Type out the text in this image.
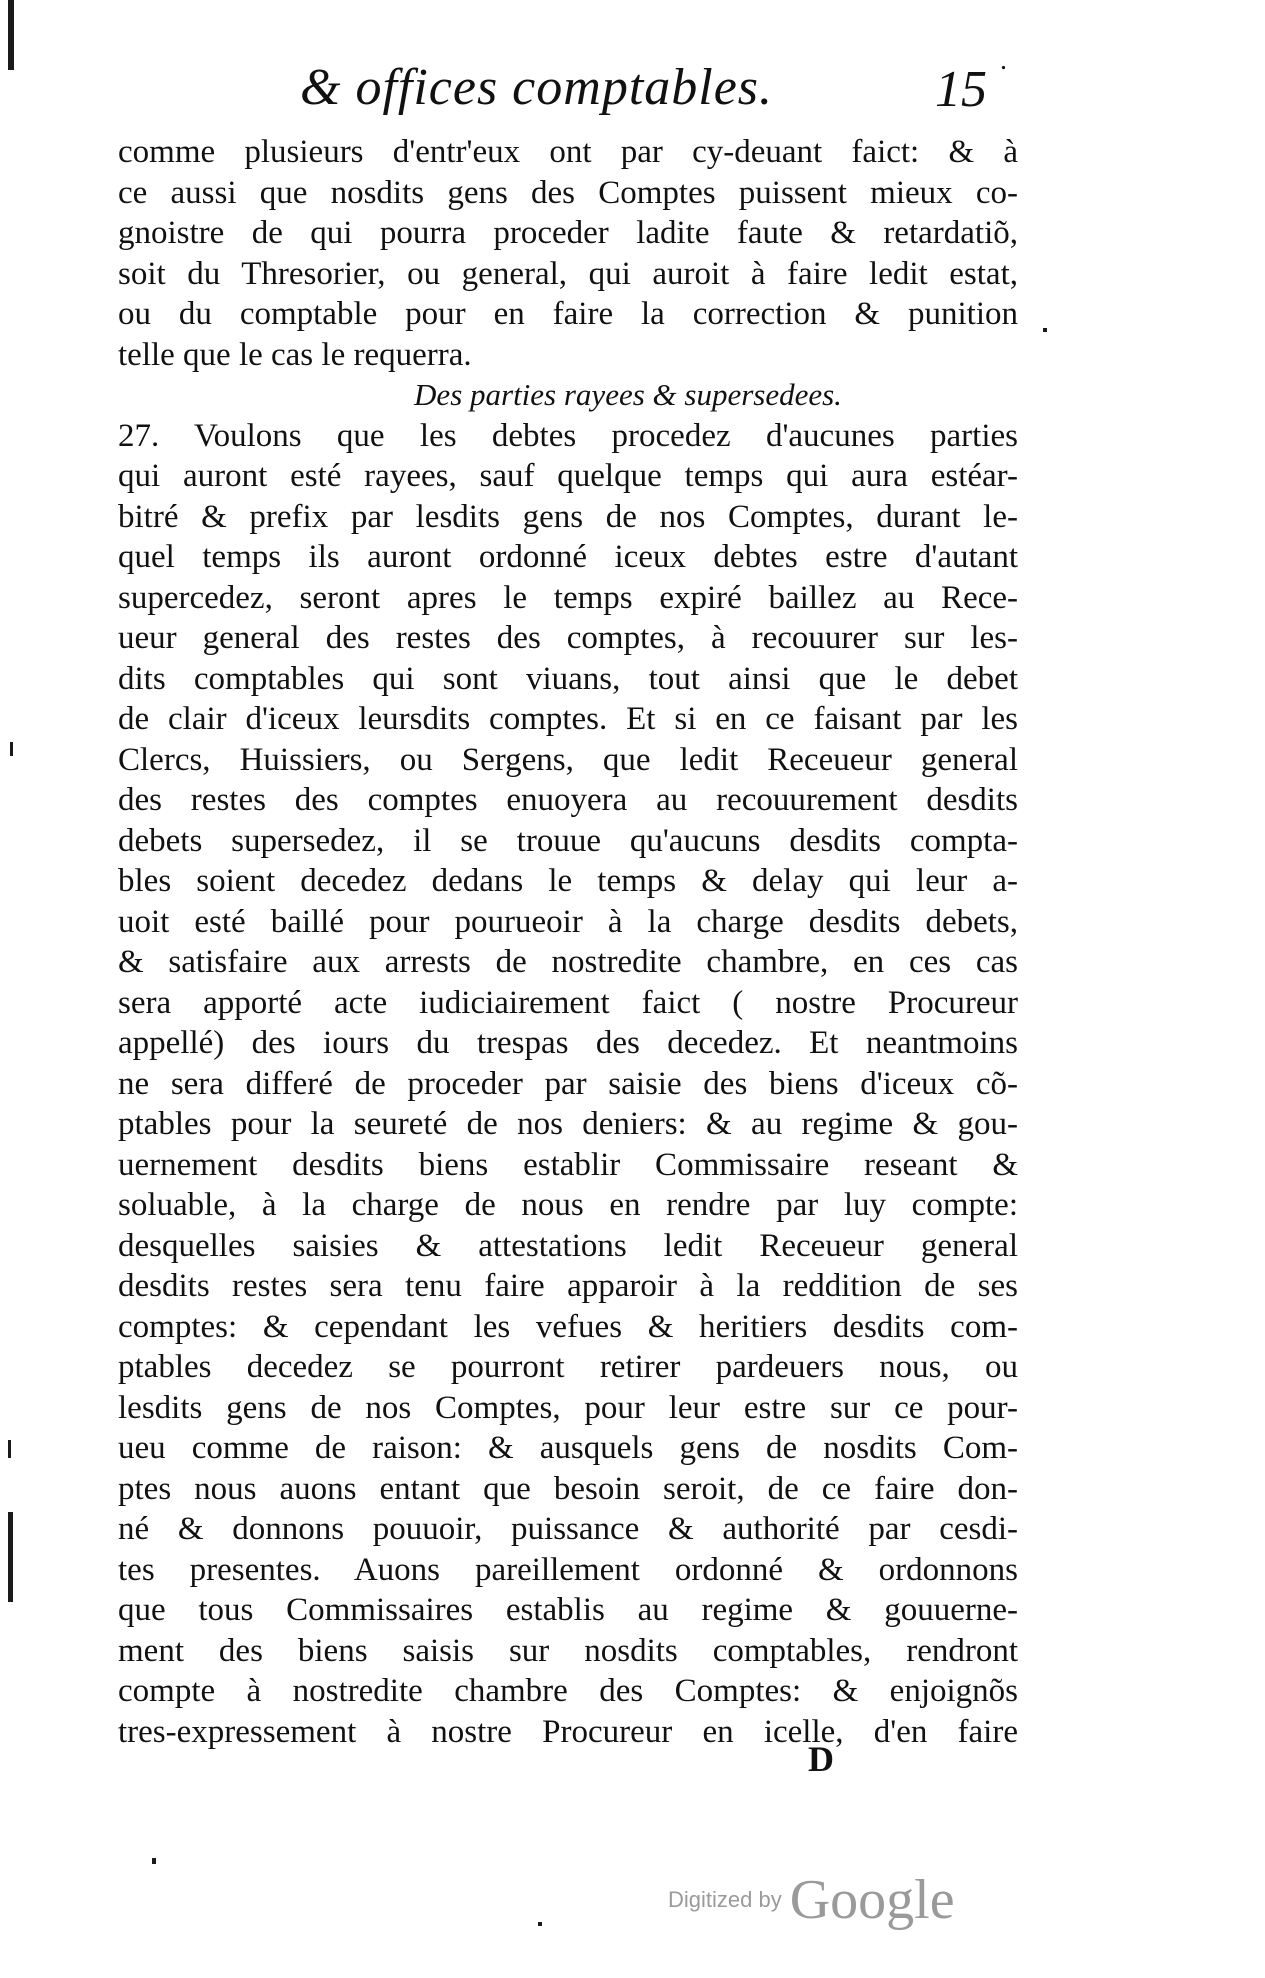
& offices comptables.	15
.
comme plusieurs d'entr'eux ont par cy-deuant faict: & à
ce aussi que nosdits gens des Comptes puissent mieux co-
gnoistre de qui pourra proceder ladite faute & retardatiõ,
soit du Thresorier, ou general, qui auroit à faire ledit estat,
ou du comptable pour en faire la correction & punition
telle que le cas le requerra.
Des parties rayees & supersedees.
27. Voulons que les debtes procedez d'aucunes parties
qui auront esté rayees, sauf quelque temps qui aura estéar-
bitré & prefix par lesdits gens de nos Comptes, durant le-
quel temps ils auront ordonné iceux debtes estre d'autant
supercedez, seront apres le temps expiré baillez au Rece-
ueur general des restes des comptes, à recouurer sur les-
dits comptables qui sont viuans, tout ainsi que le debet
de clair d'iceux leursdits comptes. Et si en ce faisant par les
Clercs, Huissiers, ou Sergens, que ledit Receueur general
des restes des comptes enuoyera au recouurement desdits
debets supersedez, il se trouue qu'aucuns desdits compta-
bles soient decedez dedans le temps & delay qui leur a-
uoit esté baillé pour pourueoir à la charge desdits debets,
& satisfaire aux arrests de nostredite chambre, en ces cas
sera apporté acte iudiciairement faict ( nostre Procureur
appellé) des iours du trespas des decedez. Et neantmoins
ne sera differé de proceder par saisie des biens d'iceux cõ-
ptables pour la seureté de nos deniers: & au regime & gou-
uernement desdits biens establir Commissaire reseant &
soluable, à la charge de nous en rendre par luy compte:
desquelles saisies & attestations ledit Receueur general
desdits restes sera tenu faire apparoir à la reddition de ses
comptes: & cependant les vefues & heritiers desdits com-
ptables decedez se pourront retirer pardeuers nous, ou
lesdits gens de nos Comptes, pour leur estre sur ce pour-
ueu comme de raison: & ausquels gens de nosdits Com-
ptes nous auons entant que besoin seroit, de ce faire don-
né & donnons pouuoir, puissance & authorité par cesdi-
tes presentes. Auons pareillement ordonné & ordonnons
que tous Commissaires establis au regime & gouuerne-
ment des biens saisis sur nosdits comptables, rendront
compte à nostredite chambre des Comptes: & enjoignõs
tres-expressement à nostre Procureur en icelle, d'en faire
D
Digitized by Google
